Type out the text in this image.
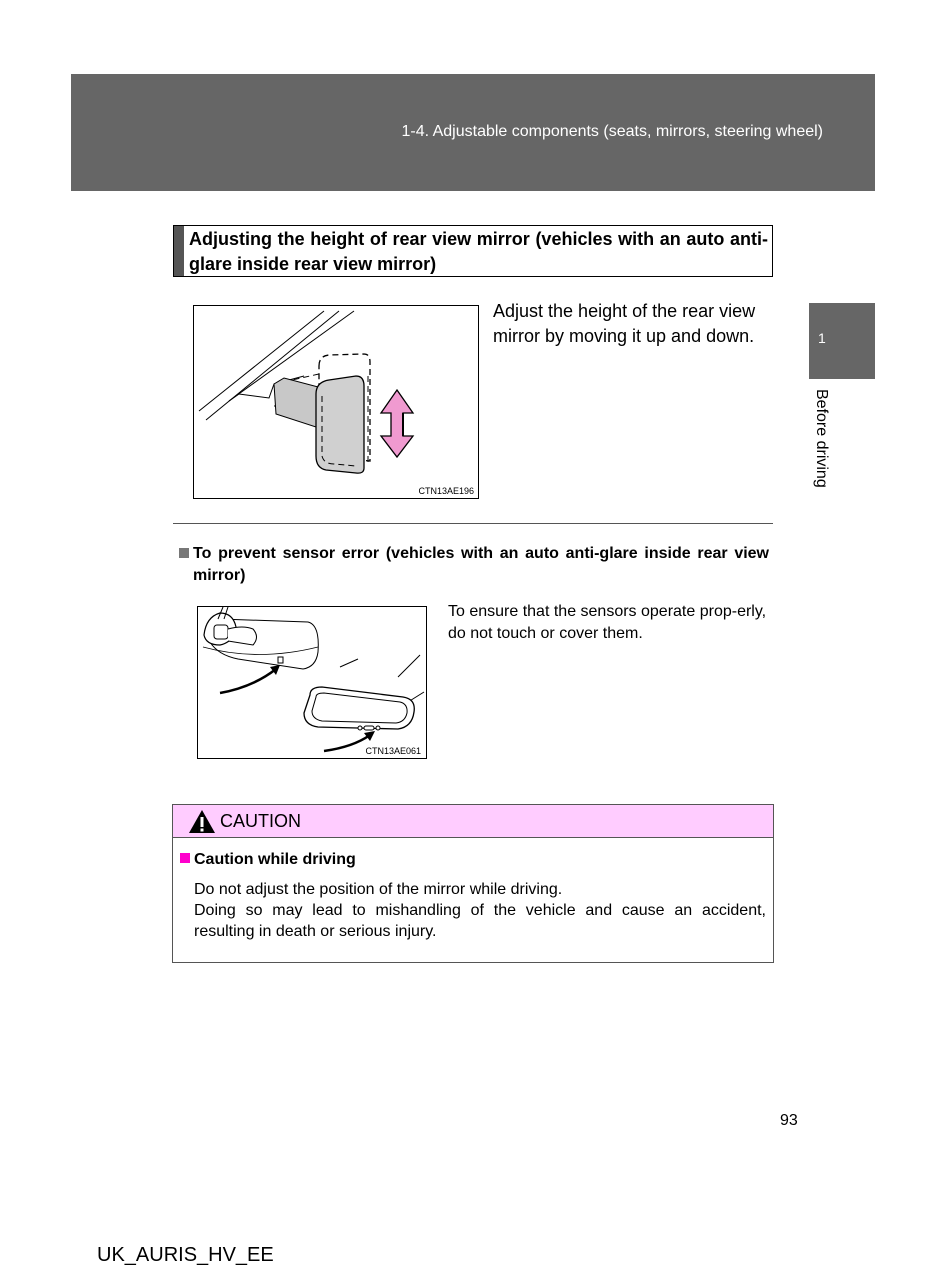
1-4. Adjustable components (seats, mirrors, steering wheel)
1
Before driving
Adjusting the height of rear view mirror (vehicles with an auto anti-glare inside rear view mirror)
CTN13AE196
Adjust the height of the rear view mirror by moving it up and down.
To prevent sensor error (vehicles with an auto anti-glare inside rear view mirror)
CTN13AE061
To ensure that the sensors operate prop-erly, do not touch or cover them.
CAUTION
Caution while driving

Do not adjust the position of the mirror while driving.

Doing so may lead to mishandling of the vehicle and cause an accident, resulting in death or serious injury.

93
UK_AURIS_HV_EE
